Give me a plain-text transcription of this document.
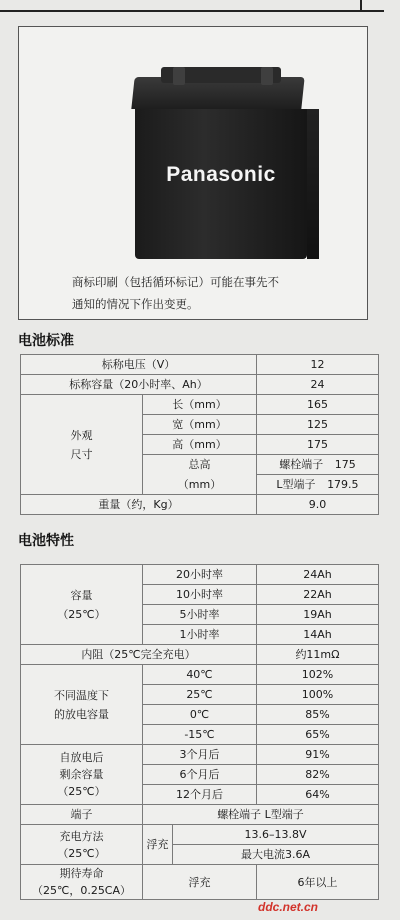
Panasonic
商标印刷（包括循环标记）可能在事先不
通知的情况下作出变更。
电池标准
标称电压（V）		12
标称容量（20小时率、Ah）		24

外观
尺寸	长（mm）	165
	宽（mm）	125
	高（mm）	175
	总高	螺栓端子 175
	（mm）	L型端子 179.5
重量（约，Kg）		9.0
电池特性
容量
（25℃）	20小时率		24Ah
	10小时率		22Ah
	5小时率		19Ah
	1小时率		14Ah
内阻（25℃完全充电）			约11mΩ

不同温度下
的放电容量	40℃		102%
	25℃		100%
	0℃		85%
	-15℃		65%

自放电后
剩余容量
（25℃）	3个月后		91%
	6个月后		82%
	12个月后		64%
端子	螺栓端子 L型端子		

充电方法
（25℃）	浮充	13.6–13.8V	
		最大电流3.6A	

期待寿命
（25℃，0.25CA）	浮充		6年以上
ddc.net.cn
